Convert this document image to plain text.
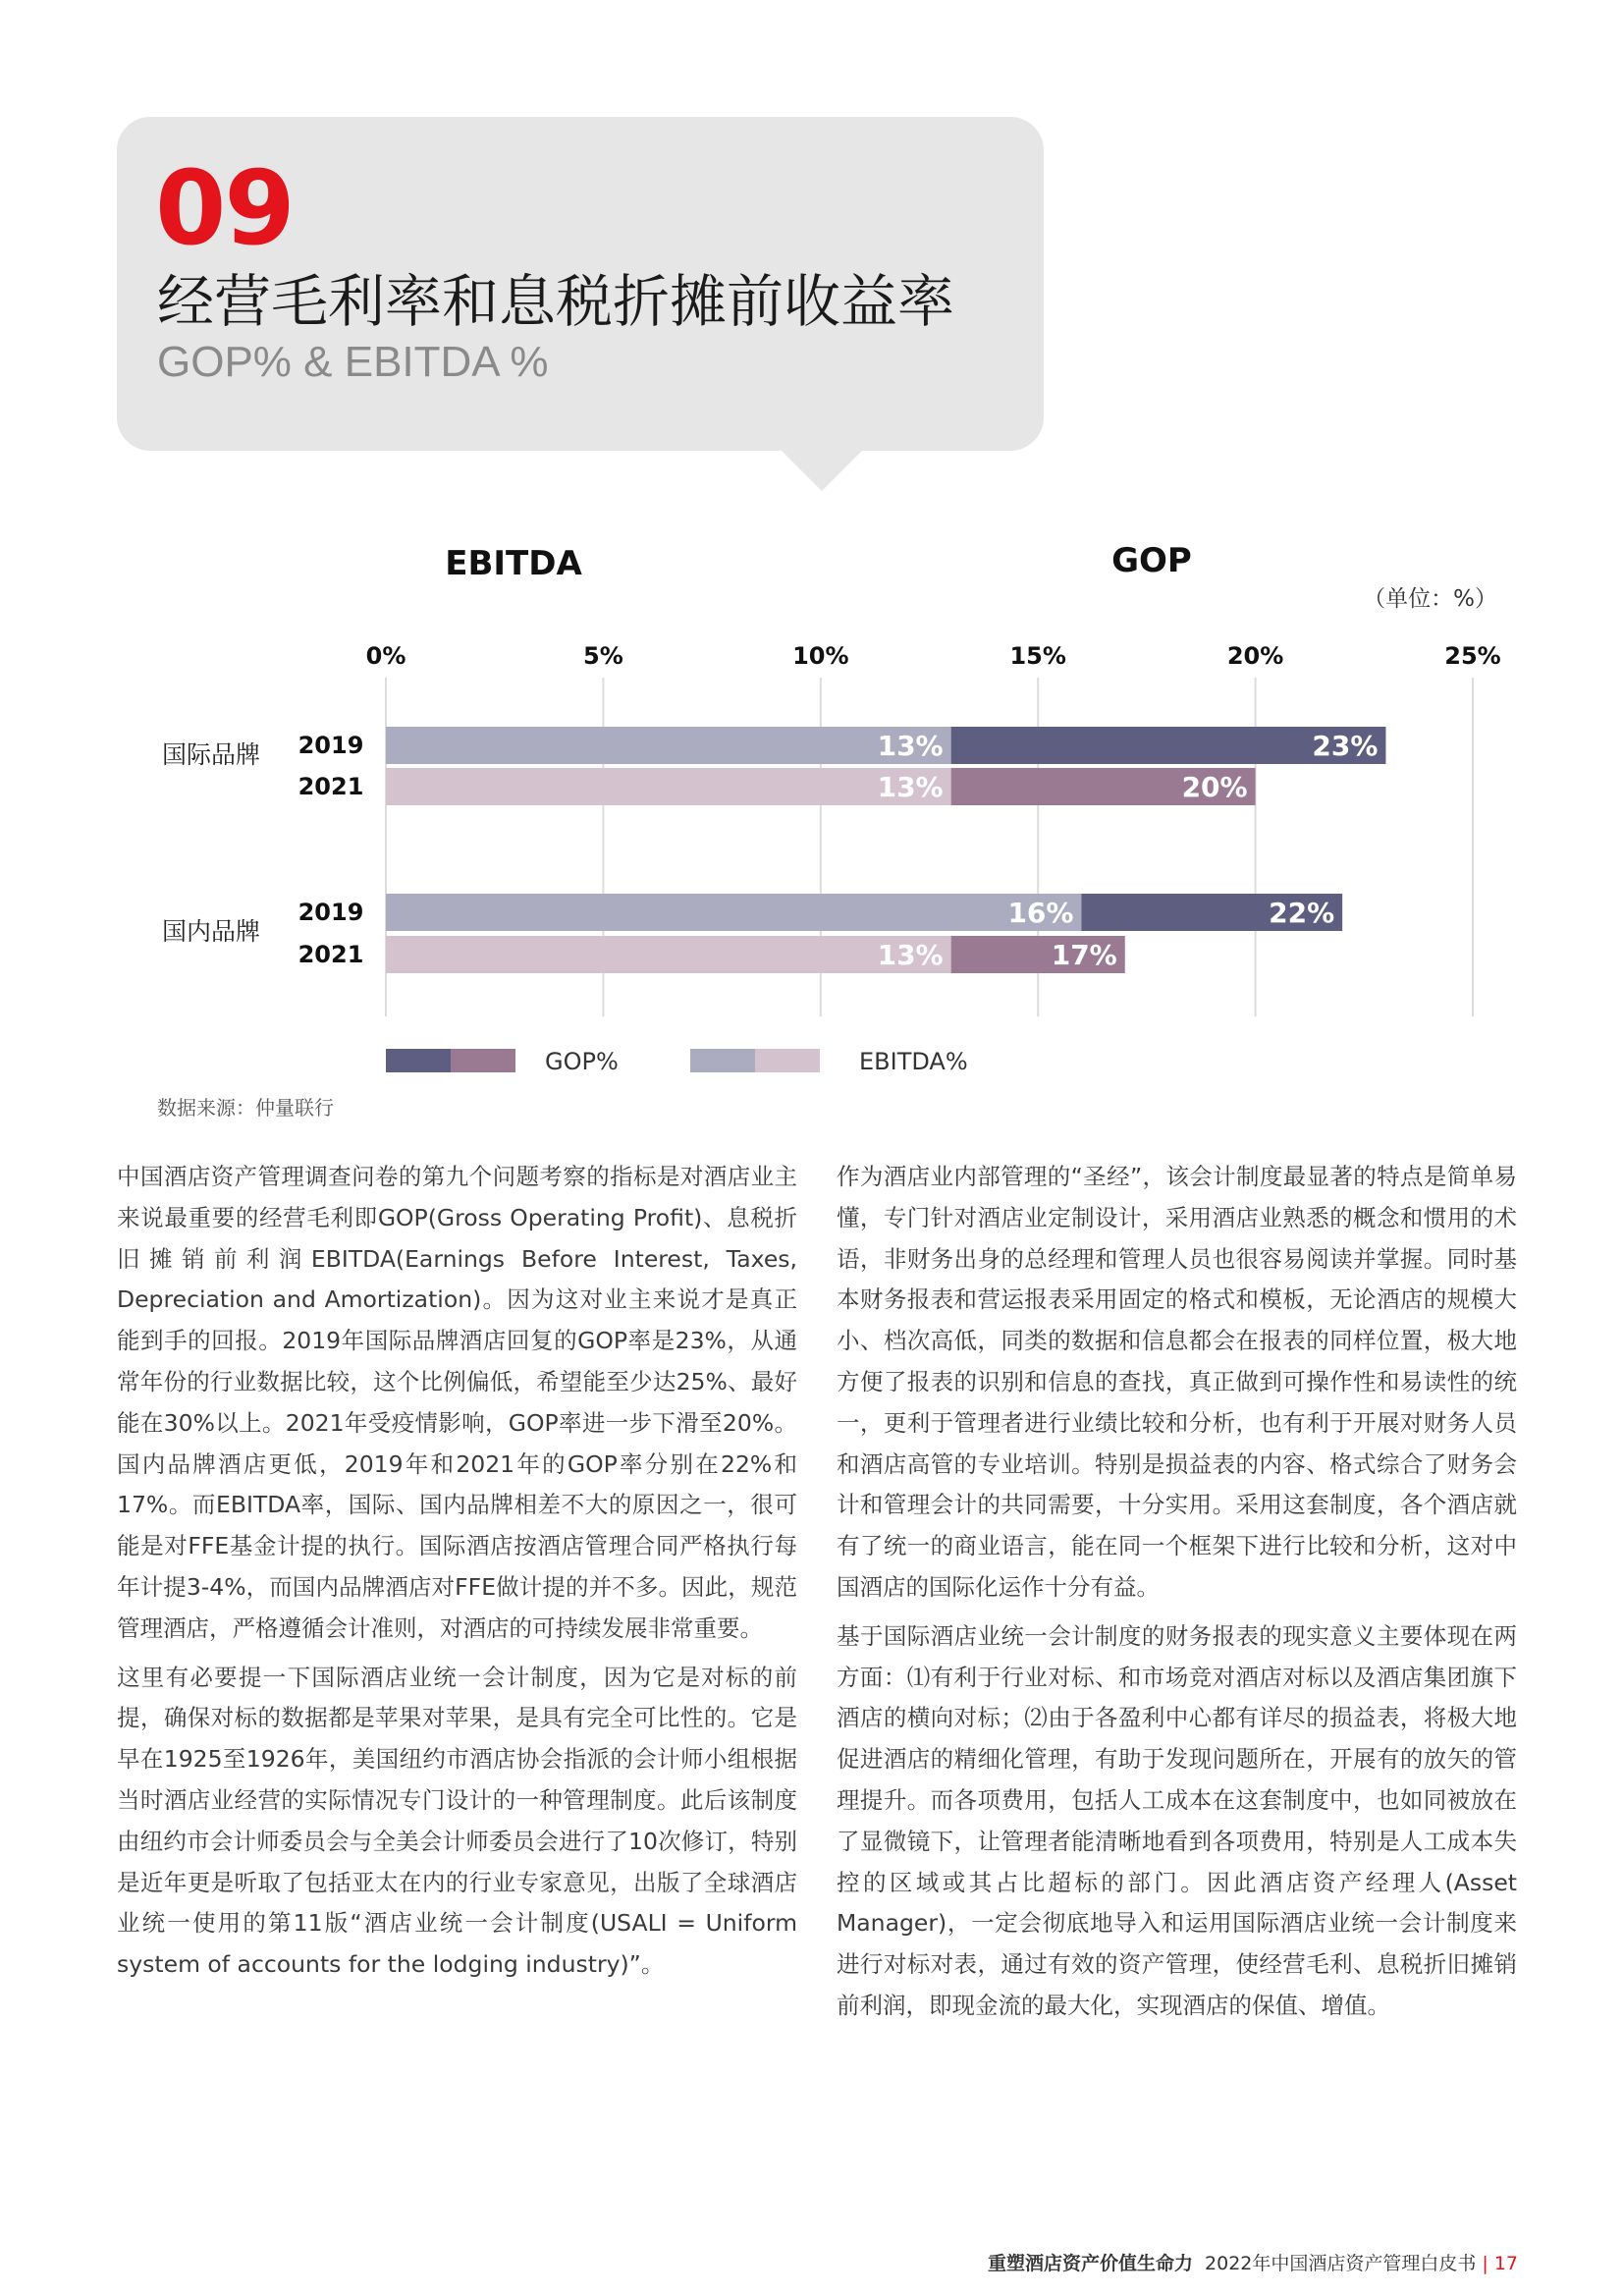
09
经营毛利率和息税折摊前收益率
GOP% & EBITDA %
EBITDA	GOP
（单位：%）
0%	5%	10%	15%	20%	25%
国际品牌 2019	13%	23%
2021	13%	20%
国内品牌
2019	16%	22%
2021	13%	17%
GOP%	EBITDA%
数据来源：仲量联行

中国酒店资产管理调查问卷的第九个问题考察的指标是对酒店业主来说最重要的经营毛利即GOP(Gross Operating Profit)、息税折旧摊销前利润EBITDA(Earnings Before Interest, Taxes, Depreciation and Amortization)。因为这对业主来说才是真正能到手的回报。2019年国际品牌酒店回复的GOP率是23%，从通常年份的行业数据比较，这个比例偏低，希望能至少达25%、最好能在30%以上。2021年受疫情影响，GOP率进一步下滑至20%。国内品牌酒店更低，2019年和2021年的GOP率分别在22%和17%。而EBITDA率，国际、国内品牌相差不大的原因之一，很可能是对FFE基金计提的执行。国际酒店按酒店管理合同严格执行每年计提3-4%，而国内品牌酒店对FFE做计提的并不多。因此，规范管理酒店，严格遵循会计准则，对酒店的可持续发展非常重要。

这里有必要提一下国际酒店业统一会计制度，因为它是对标的前提，确保对标的数据都是苹果对苹果，是具有完全可比性的。它是早在1925至1926年，美国纽约市酒店协会指派的会计师小组根据当时酒店业经营的实际情况专门设计的一种管理制度。此后该制度由纽约市会计师委员会与全美会计师委员会进行了10次修订，特别是近年更是听取了包括亚太在内的行业专家意见，出版了全球酒店业统一使用的第11版“酒店业统一会计制度(USALI = Uniform system of accounts for the lodging industry)”。

作为酒店业内部管理的“圣经”，该会计制度最显著的特点是简单易懂，专门针对酒店业定制设计，采用酒店业熟悉的概念和惯用的术语，非财务出身的总经理和管理人员也很容易阅读并掌握。同时基本财务报表和营运报表采用固定的格式和模板，无论酒店的规模大小、档次高低，同类的数据和信息都会在报表的同样位置，极大地方便了报表的识别和信息的查找，真正做到可操作性和易读性的统一，更利于管理者进行业绩比较和分析，也有利于开展对财务人员和酒店高管的专业培训。特别是损益表的内容、格式综合了财务会计和管理会计的共同需要，十分实用。采用这套制度，各个酒店就有了统一的商业语言，能在同一个框架下进行比较和分析，这对中国酒店的国际化运作十分有益。

基于国际酒店业统一会计制度的财务报表的现实意义主要体现在两方面：⑴有利于行业对标、和市场竞对酒店对标以及酒店集团旗下酒店的横向对标；⑵由于各盈利中心都有详尽的损益表，将极大地促进酒店的精细化管理，有助于发现问题所在，开展有的放矢的管理提升。而各项费用，包括人工成本在这套制度中，也如同被放在了显微镜下，让管理者能清晰地看到各项费用，特别是人工成本失控的区域或其占比超标的部门。因此酒店资产经理人(Asset Manager)，一定会彻底地导入和运用国际酒店业统一会计制度来进行对标对表，通过有效的资产管理，使经营毛利、息税折旧摊销前利润，即现金流的最大化，实现酒店的保值、增值。

重塑酒店资产价值生命力 2022年中国酒店资产管理白皮书 | 17
